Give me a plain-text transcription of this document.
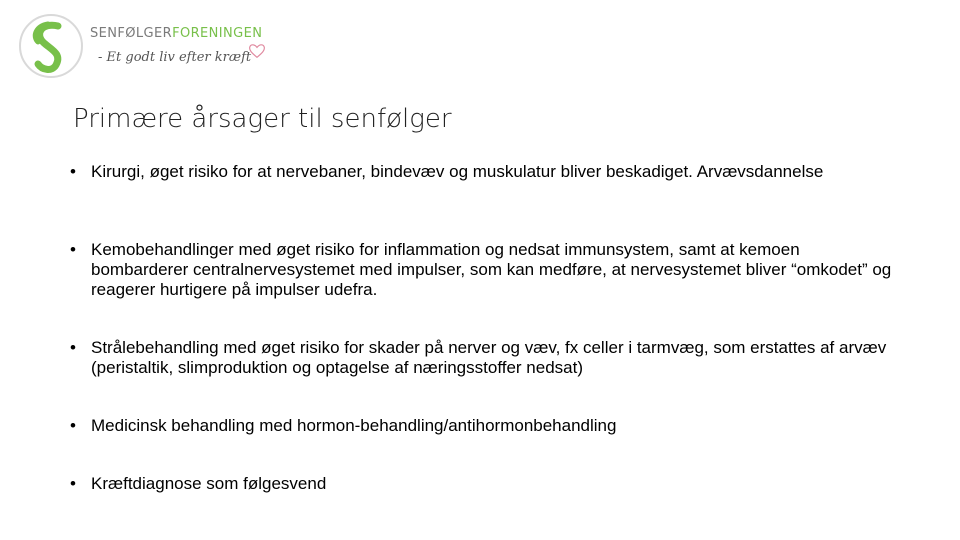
SENFØLGERFORENINGEN
- Et godt liv efter kræft
Primære årsager til senfølger
• Kirurgi, øget risiko for at nervebaner, bindevæv og muskulatur bliver beskadiget. Arvævsdannelse
• Kemobehandlinger med øget risiko for inflammation og nedsat immunsystem, samt at kemoen bombarderer centralnervesystemet med impulser, som kan medføre, at nervesystemet bliver “omkodet” og reagerer hurtigere på impulser udefra.
• Strålebehandling med øget risiko for skader på nerver og væv, fx celler i tarmvæg, som erstattes af arvæv (peristaltik, slimproduktion og optagelse af næringsstoffer nedsat)
• Medicinsk behandling med hormon-behandling/antihormonbehandling
• Kræftdiagnose som følgesvend
